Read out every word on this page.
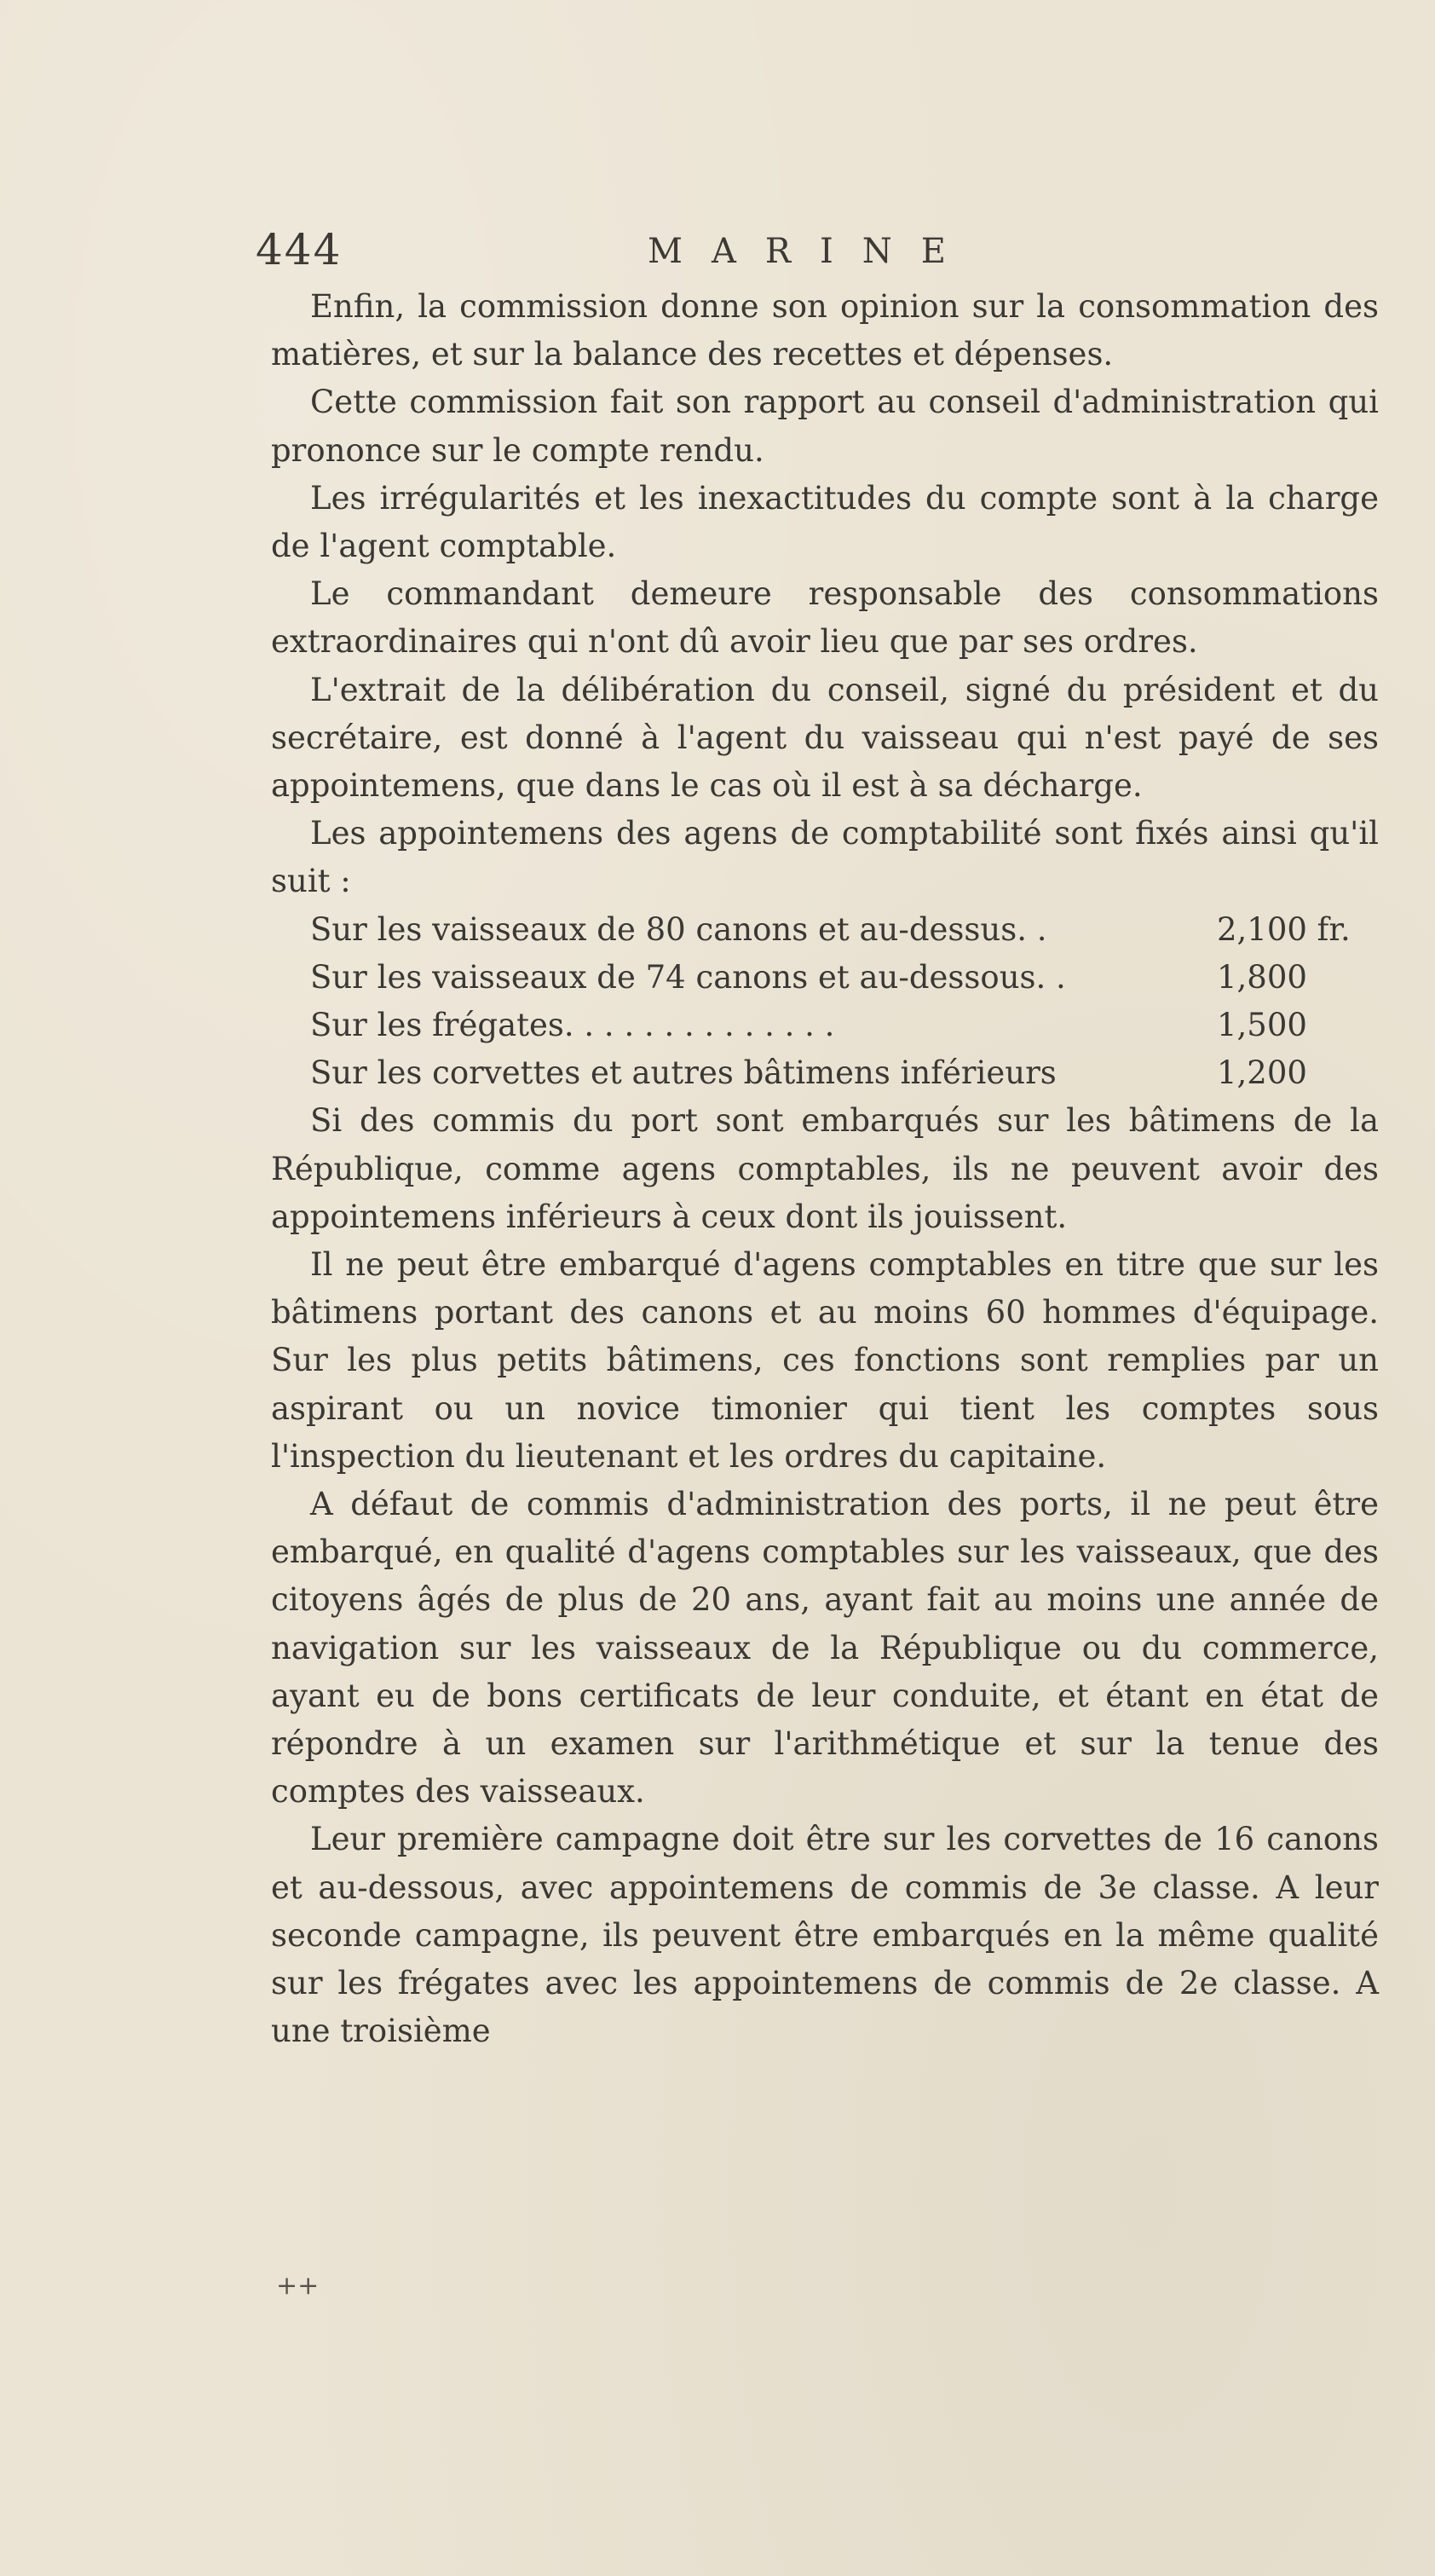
444	MARINE

Enfin, la commission donne son opinion sur la consommation des matières, et sur la balance des recettes et dépenses.

Cette commission fait son rapport au conseil d'administration qui prononce sur le compte rendu.

Les irrégularités et les inexactitudes du compte sont à la charge de l'agent comptable.

Le commandant demeure responsable des consommations extraordinaires qui n'ont dû avoir lieu que par ses ordres.

L'extrait de la délibération du conseil, signé du président et du secrétaire, est donné à l'agent du vaisseau qui n'est payé de ses appointemens, que dans le cas où il est à sa décharge.

Les appointemens des agens de comptabilité sont fixés ainsi qu'il suit :

Sur les vaisseaux de 80 canons et au-dessus. .	2,100 fr.
Sur les vaisseaux de 74 canons et au-dessous. .	1,800
Sur les frégates. . . . . . . . . . . . . .	1,500
Sur les corvettes et autres bâtimens inférieurs	1,200

Si des commis du port sont embarqués sur les bâtimens de la République, comme agens comptables, ils ne peuvent avoir des appointemens inférieurs à ceux dont ils jouissent.

Il ne peut être embarqué d'agens comptables en titre que sur les bâtimens portant des canons et au moins 60 hommes d'équipage. Sur les plus petits bâtimens, ces fonctions sont remplies par un aspirant ou un novice timonier qui tient les comptes sous l'inspection du lieutenant et les ordres du capitaine.

A défaut de commis d'administration des ports, il ne peut être embarqué, en qualité d'agens comptables sur les vaisseaux, que des citoyens âgés de plus de 20 ans, ayant fait au moins une année de navigation sur les vaisseaux de la République ou du commerce, ayant eu de bons certificats de leur conduite, et étant en état de répondre à un examen sur l'arithmétique et sur la tenue des comptes des vaisseaux.

Leur première campagne doit être sur les corvettes de 16 canons et au-dessous, avec appointemens de commis de 3e classe. A leur seconde campagne, ils peuvent être embarqués en la même qualité sur les frégates avec les appointemens de commis de 2e classe. A une troisième

++
